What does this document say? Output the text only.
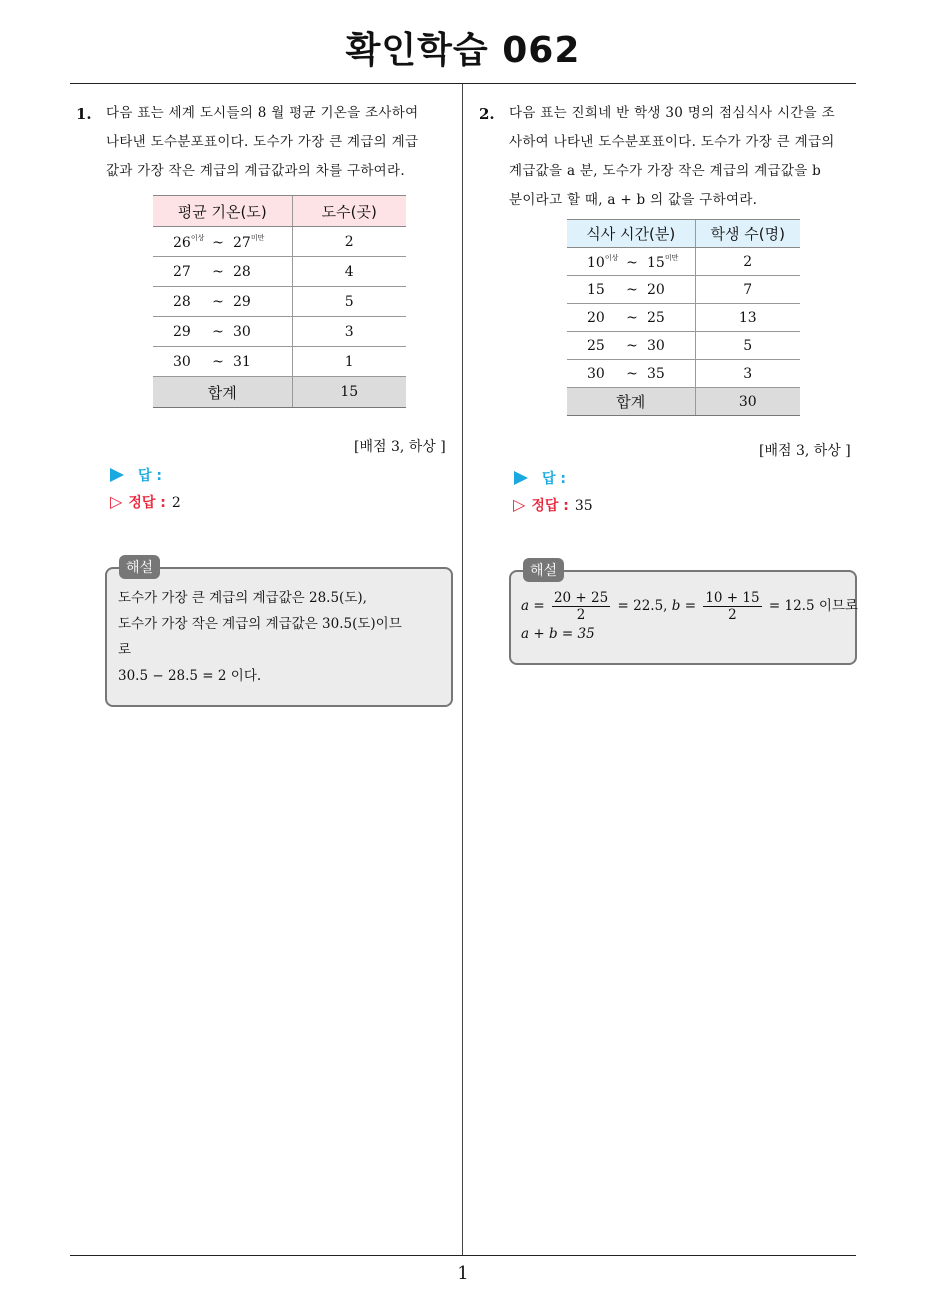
확인학습 062
1. 다음 표는 세계 도시들의 8 월 평균 기온을 조사하여
나타낸 도수분포표이다. 도수가 가장 큰 계급의 계급
값과 가장 작은 계급의 계급값과의 차를 구하여라.
평균 기온(도)	도수(곳)
$26^{이상}$ ~ $27^{미만}$	2
27 ~ 28	4
28 ~ 29	5
29 ~ 30	3
30 ~ 31	1
합계	15
[배점 3, 하상 ]
답 :
▷ 정답 : 2
해설
도수가 가장 큰 계급의 계급값은 28.5(도),
도수가 가장 작은 계급의 계급값은 30.5(도)이므
로
30.5 − 28.5 = 2 이다.
2. 다음 표는 진희네 반 학생 30 명의 점심식사 시간을 조
사하여 나타낸 도수분포표이다. 도수가 가장 큰 계급의
계급값을 a 분, 도수가 가장 작은 계급의 계급값을 b
분이라고 할 때, a + b 의 값을 구하여라.
식사 시간(분)	학생 수(명)
$10^{이상}$ ~ $15^{미만}$	2
15 ~ 20	7
20 ~ 25	13
25 ~ 30	5
30 ~ 35	3
합계	30
[배점 3, 하상 ]
답 :
▷ 정답 : 35
해설
$a = \frac{20 + 25}{2} = 22.5$, $b = \frac{10 + 15}{2} = 12.5$ 이므로
a + b = 35
1
